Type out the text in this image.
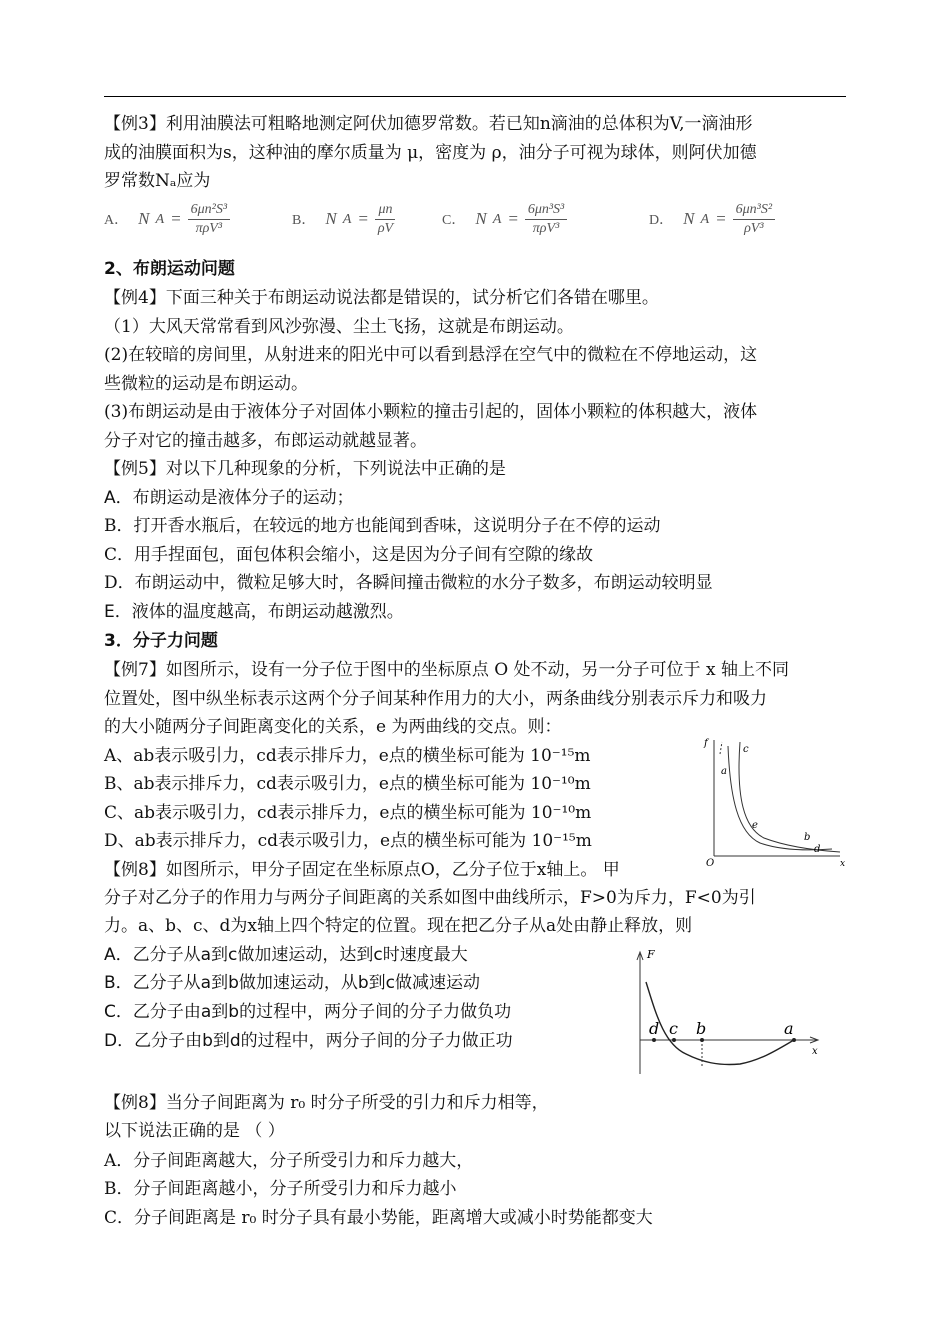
【例3】利用油膜法可粗略地测定阿伏加德罗常数。若已知n滴油的总体积为V,一滴油形
成的油膜面积为s，这种油的摩尔质量为 μ，密度为 ρ，油分子可视为球体，则阿伏加德
罗常数Nₐ应为
A． N $A = \frac{\text{6μn²S³}}{\text{πρV³}}$	B． N $A = \frac{\mu n}{\rho V}$	C． N $A = \frac{\text{6μn³S³}}{\text{πρV³}}$	D． N $A = \frac{\text{6μn³S²}}{\text{ρV³}}$
2、布朗运动问题
【例4】下面三种关于布朗运动说法都是错误的，试分析它们各错在哪里。
（1）大风天常常看到风沙弥漫、尘土飞扬，这就是布朗运动。
(2)在较暗的房间里，从射进来的阳光中可以看到悬浮在空气中的微粒在不停地运动，这
些微粒的运动是布朗运动。
(3)布朗运动是由于液体分子对固体小颗粒的撞击引起的，固体小颗粒的体积越大，液体
分子对它的撞击越多，布郎运动就越显著。
【例5】对以下几种现象的分析，下列说法中正确的是
A．布朗运动是液体分子的运动；
B．打开香水瓶后，在较远的地方也能闻到香味，这说明分子在不停的运动
C．用手捏面包，面包体积会缩小，这是因为分子间有空隙的缘故
D．布朗运动中，微粒足够大时，各瞬间撞击微粒的水分子数多，布朗运动较明显
E．液体的温度越高，布朗运动越激烈。
3．分子力问题
【例7】如图所示，设有一分子位于图中的坐标原点 O 处不动，另一分子可位于 x 轴上不同
位置处，图中纵坐标表示这两个分子间某种作用力的大小，两条曲线分别表示斥力和吸力
的大小随两分子间距离变化的关系，e 为两曲线的交点。则：
A、ab表示吸引力，cd表示排斥力，e点的横坐标可能为 10⁻¹⁵m
B、ab表示排斥力，cd表示吸引力，e点的横坐标可能为 10⁻¹⁰m
C、ab表示吸引力，cd表示排斥力，e点的横坐标可能为 10⁻¹⁰m
D、ab表示排斥力，cd表示吸引力，e点的横坐标可能为 10⁻¹⁵m
f
a
c
e
b
d
O	x
【例8】如图所示，甲分子固定在坐标原点O，乙分子位于x轴上。 甲
分子对乙分子的作用力与两分子间距离的关系如图中曲线所示，F>0为斥力，F<0为引
力。a、b、c、d为x轴上四个特定的位置。现在把乙分子从a处由静止释放，则
A．乙分子从a到c做加速运动，达到c时速度最大
B．乙分子从a到b做加速运动，从b到c做减速运动
C．乙分子由a到b的过程中，两分子间的分子力做负功
D．乙分子由b到d的过程中，两分子间的分子力做正功
F
d c b	a
x
【例8】当分子间距离为 r₀ 时分子所受的引力和斥力相等，
以下说法正确的是 （ ）
A．分子间距离越大，分子所受引力和斥力越大，
B．分子间距离越小，分子所受引力和斥力越小
C．分子间距离是 r₀ 时分子具有最小势能，距离增大或减小时势能都变大
